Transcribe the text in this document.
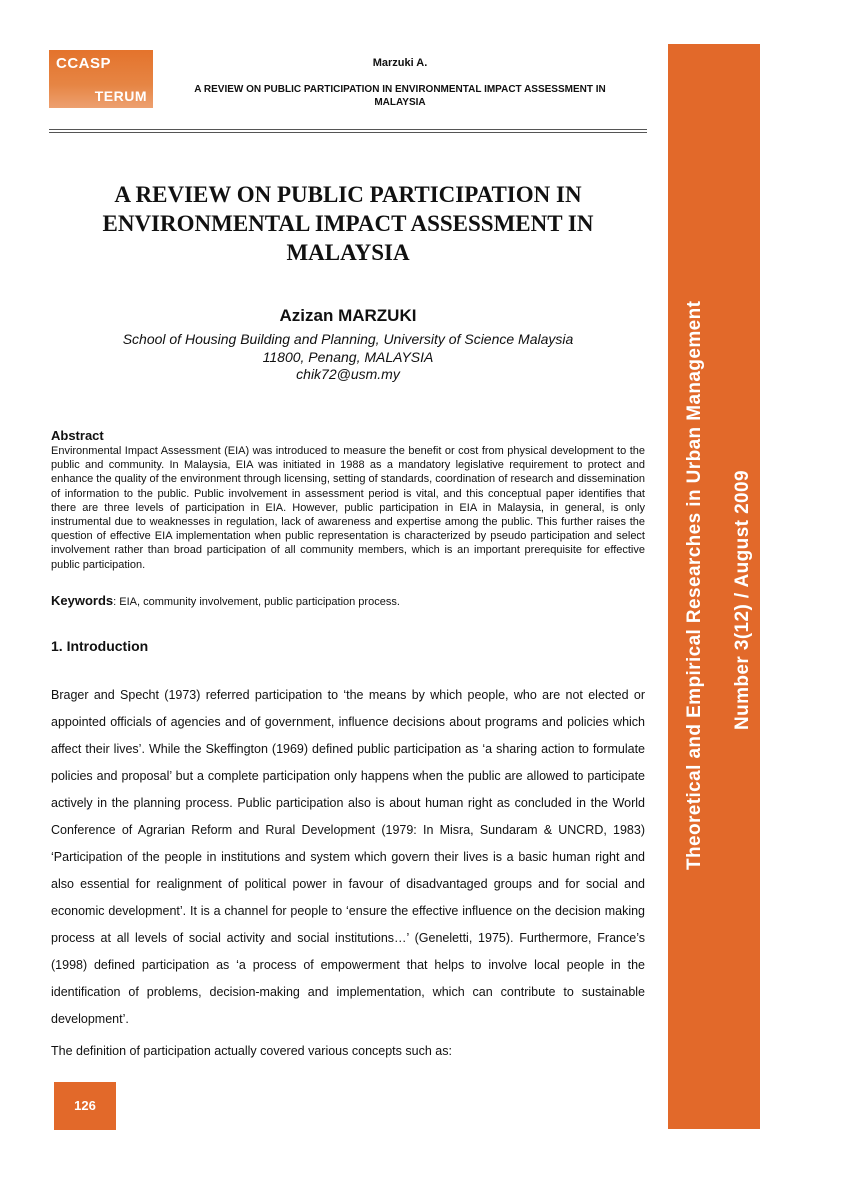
CCASP
TERUM
Marzuki A.
A REVIEW ON PUBLIC PARTICIPATION IN ENVIRONMENTAL IMPACT ASSESSMENT IN MALAYSIA
Theoretical and Empirical Researches in Urban Management Number 3(12) / August 2009
A REVIEW ON PUBLIC PARTICIPATION IN ENVIRONMENTAL IMPACT ASSESSMENT IN MALAYSIA
Azizan MARZUKI
School of Housing Building and Planning, University of Science Malaysia
11800, Penang, MALAYSIA
chik72@usm.my
Abstract

Environmental Impact Assessment (EIA) was introduced to measure the benefit or cost from physical development to the public and community. In Malaysia, EIA was initiated in 1988 as a mandatory legislative requirement to protect and enhance the quality of the environment through licensing, setting of standards, coordination of research and dissemination of information to the public. Public involvement in assessment period is vital, and this conceptual paper identifies that there are three levels of participation in EIA. However, public participation in EIA in Malaysia, in general, is only instrumental due to weaknesses in regulation, lack of awareness and expertise among the public. This further raises the question of effective EIA implementation when public representation is characterized by pseudo participation and select involvement rather than broad participation of all community members, which is an important prerequisite for effective public participation.

Keywords: EIA, community involvement, public participation process.
1. Introduction

Brager and Specht (1973) referred participation to ‘the means by which people, who are not elected or appointed officials of agencies and of government, influence decisions about programs and policies which affect their lives’. While the Skeffington (1969) defined public participation as ‘a sharing action to formulate policies and proposal’ but a complete participation only happens when the public are allowed to participate actively in the planning process. Public participation also is about human right as concluded in the World Conference of Agrarian Reform and Rural Development (1979: In Misra, Sundaram & UNCRD, 1983) ‘Participation of the people in institutions and system which govern their lives is a basic human right and also essential for realignment of political power in favour of disadvantaged groups and for social and economic development’. It is a channel for people to ‘ensure the effective influence on the decision making process at all levels of social activity and social institutions…’ (Geneletti, 1975). Furthermore, France’s (1998) defined participation as ‘a process of empowerment that helps to involve local people in the identification of problems, decision-making and implementation, which can contribute to sustainable development’.

The definition of participation actually covered various concepts such as:

126
